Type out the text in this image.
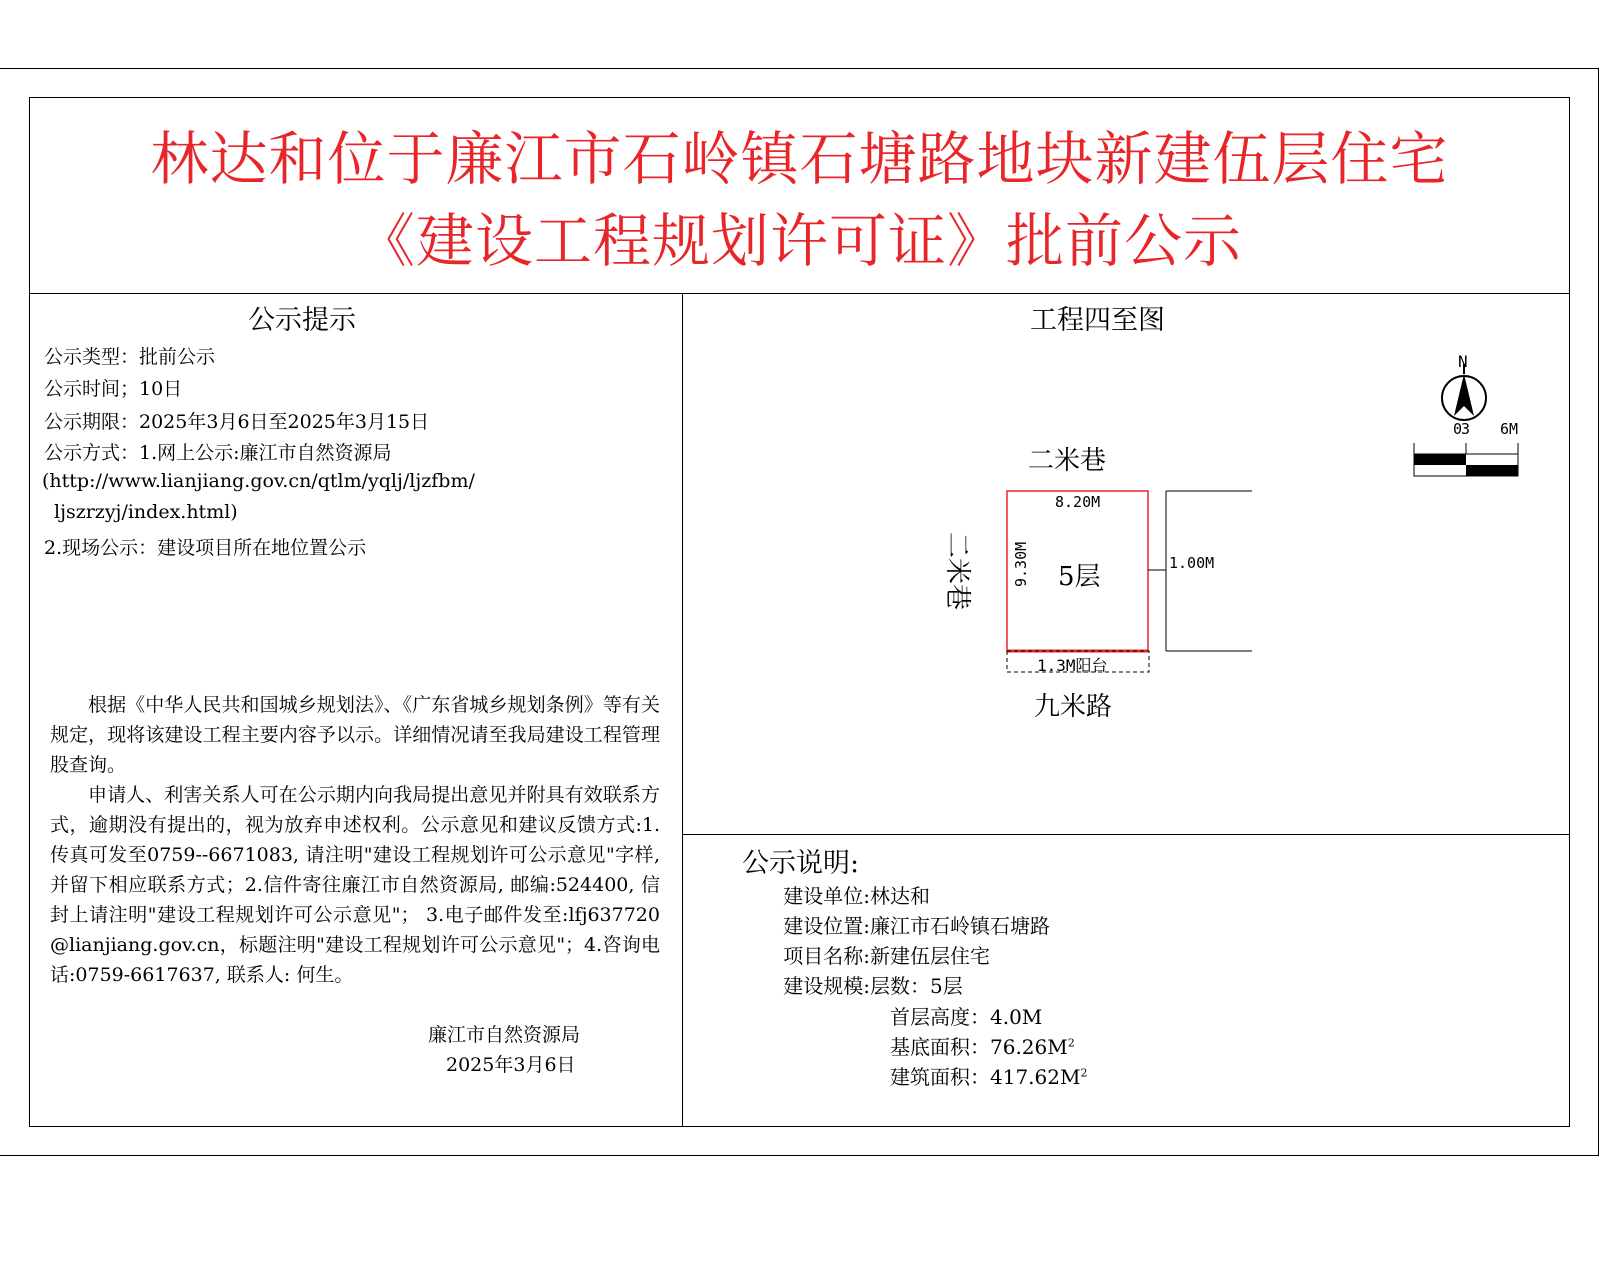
林达和位于廉江市石岭镇石塘路地块新建伍层住宅
《建设工程规划许可证》批前公示
公示提示
公示类型：批前公示
公示时间；10日
公示期限：2025年3月6日至2025年3月15日
公示方式：1.网上公示:廉江市自然资源局
(http://www.lianjiang.gov.cn/qtlm/yqlj/ljzfbm/
ljszrzyj/index.html)
2.现场公示：建设项目所在地位置公示
根据《中华人民共和国城乡规划法》、《广东省城乡规划条例》等有关规定，现将该建设工程主要内容予以示。详细情况请至我局建设工程管理股查询。
申请人、利害关系人可在公示期内向我局提出意见并附具有效联系方式，逾期没有提出的，视为放弃申述权利。公示意见和建议反馈方式:1.传真可发至0759--6671083, 请注明"建设工程规划许可公示意见"字样, 并留下相应联系方式；2.信件寄往廉江市自然资源局, 邮编:524400, 信封上请注明"建设工程规划许可公示意见"； 3.电子邮件发至:lfj637720@lianjiang.gov.cn，标题注明"建设工程规划许可公示意见"；4.咨询电话:0759-6617637, 联系人: 何生。
廉江市自然资源局
2025年3月6日
工程四至图
0
3 6M
N
二米巷
二米巷
九米路
8.20M
9.30M	1.00M
1.3M阳台
5层
公示说明:
建设单位:林达和
建设位置:廉江市石岭镇石塘路
项目名称:新建伍层住宅
建设规模:层数：5层
首层高度：4.0M
基底面积：$76.26M^2$
建筑面积：$417.62M^2$
